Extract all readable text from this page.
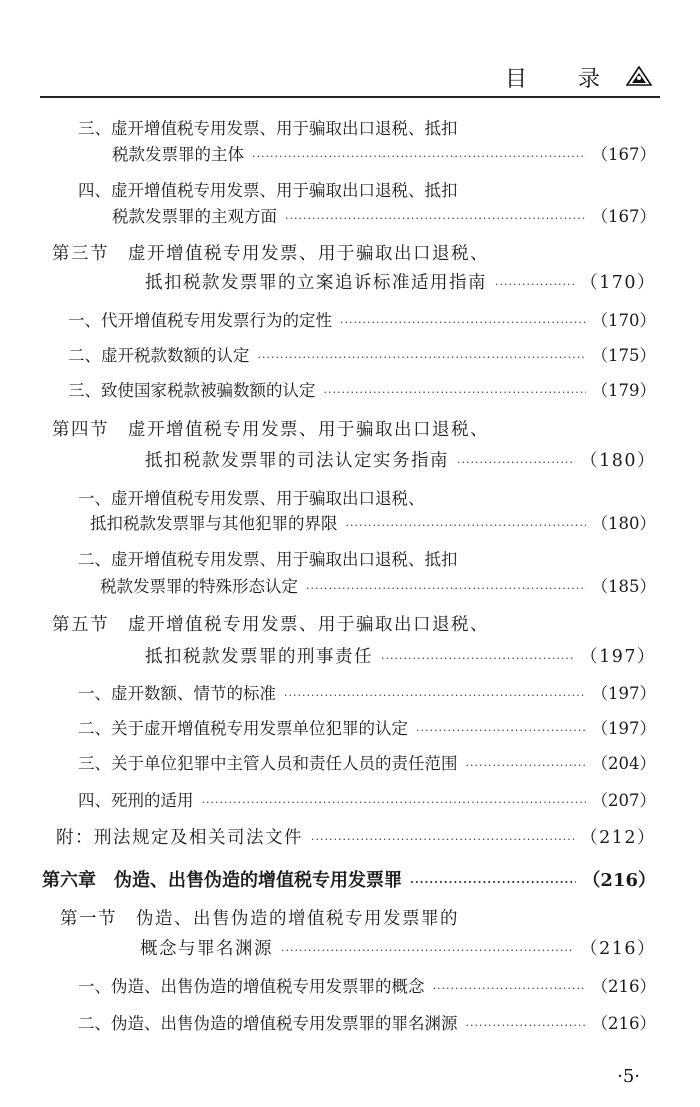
目 录
三、虚开增值税专用发票、用于骗取出口退税、抵扣
税款发票罪的主体 ·····	（167）
四、虚开增值税专用发票、用于骗取出口退税、抵扣
税款发票罪的主观方面 ·····	（167）
第三节　虚开增值税专用发票、用于骗取出口退税、
抵扣税款发票罪的立案追诉标准适用指南 ·····	（170）
一、代开增值税专用发票行为的定性 ·····	（170）
二、虚开税款数额的认定 ·····	（175）
三、致使国家税款被骗数额的认定 ·····	（179）
第四节　虚开增值税专用发票、用于骗取出口退税、
抵扣税款发票罪的司法认定实务指南 ·····	（180）
一、虚开增值税专用发票、用于骗取出口退税、
抵扣税款发票罪与其他犯罪的界限 ·····	（180）
二、虚开增值税专用发票、用于骗取出口退税、抵扣
税款发票罪的特殊形态认定 ·····	（185）
第五节　虚开增值税专用发票、用于骗取出口退税、
抵扣税款发票罪的刑事责任 ·····	（197）
一、虚开数额、情节的标准 ·····	（197）
二、关于虚开增值税专用发票单位犯罪的认定 ·····	（197）
三、关于单位犯罪中主管人员和责任人员的责任范围 ·····	（204）
四、死刑的适用 ·····	（207）
附：刑法规定及相关司法文件 ·····	（212）
第六章　伪造、出售伪造的增值税专用发票罪 ·····	（216）
第一节　伪造、出售伪造的增值税专用发票罪的
概念与罪名渊源 ·····	（216）
一、伪造、出售伪造的增值税专用发票罪的概念 ·····	（216）
二、伪造、出售伪造的增值税专用发票罪的罪名渊源 ·····	（216）
·5·
